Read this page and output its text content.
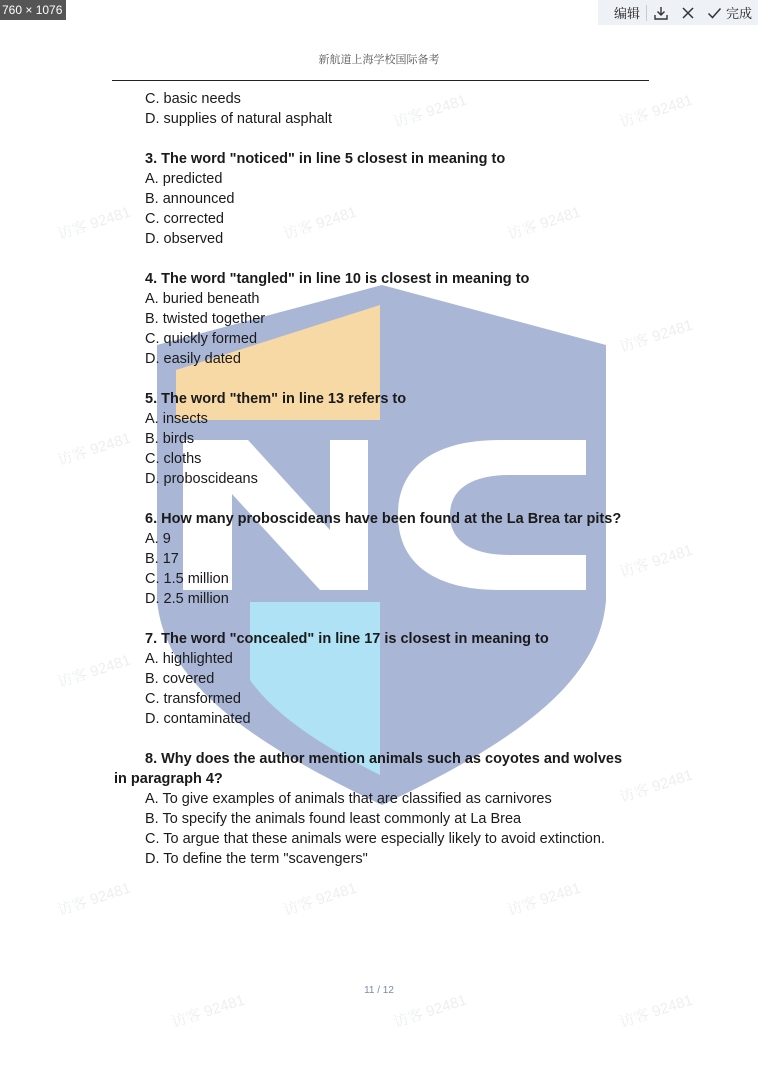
760 × 1076	编辑	完成
新航道上海学校国际备考
访客 92481	访客 92481
访客 92481	访客 92481	访客 92481
访客 92481
访客 92481
访客 92481
访客 92481
访客 92481
访客 92481	访客 92481	访客 92481
访客 92481	访客 92481	访客 92481
C. basic needs
D. supplies of natural asphalt
3. The word "noticed" in line 5 closest in meaning to
A. predicted
B. announced
C. corrected
D. observed
4. The word "tangled" in line 10 is closest in meaning to
A. buried beneath
B. twisted together
C. quickly formed
D. easily dated
5. The word "them" in line 13 refers to
A. insects
B. birds
C. cloths
D. proboscideans
6. How many proboscideans have been found at the La Brea tar pits?
A. 9
B. 17
C. 1.5 million
D. 2.5 million
7. The word "concealed" in line 17 is closest in meaning to
A. highlighted
B. covered
C. transformed
D. contaminated
8. Why does the author mention animals such as coyotes and wolves
in paragraph 4?
A. To give examples of animals that are classified as carnivores
B. To specify the animals found least commonly at La Brea
C. To argue that these animals were especially likely to avoid extinction.
D. To define the term "scavengers"
11 / 12
